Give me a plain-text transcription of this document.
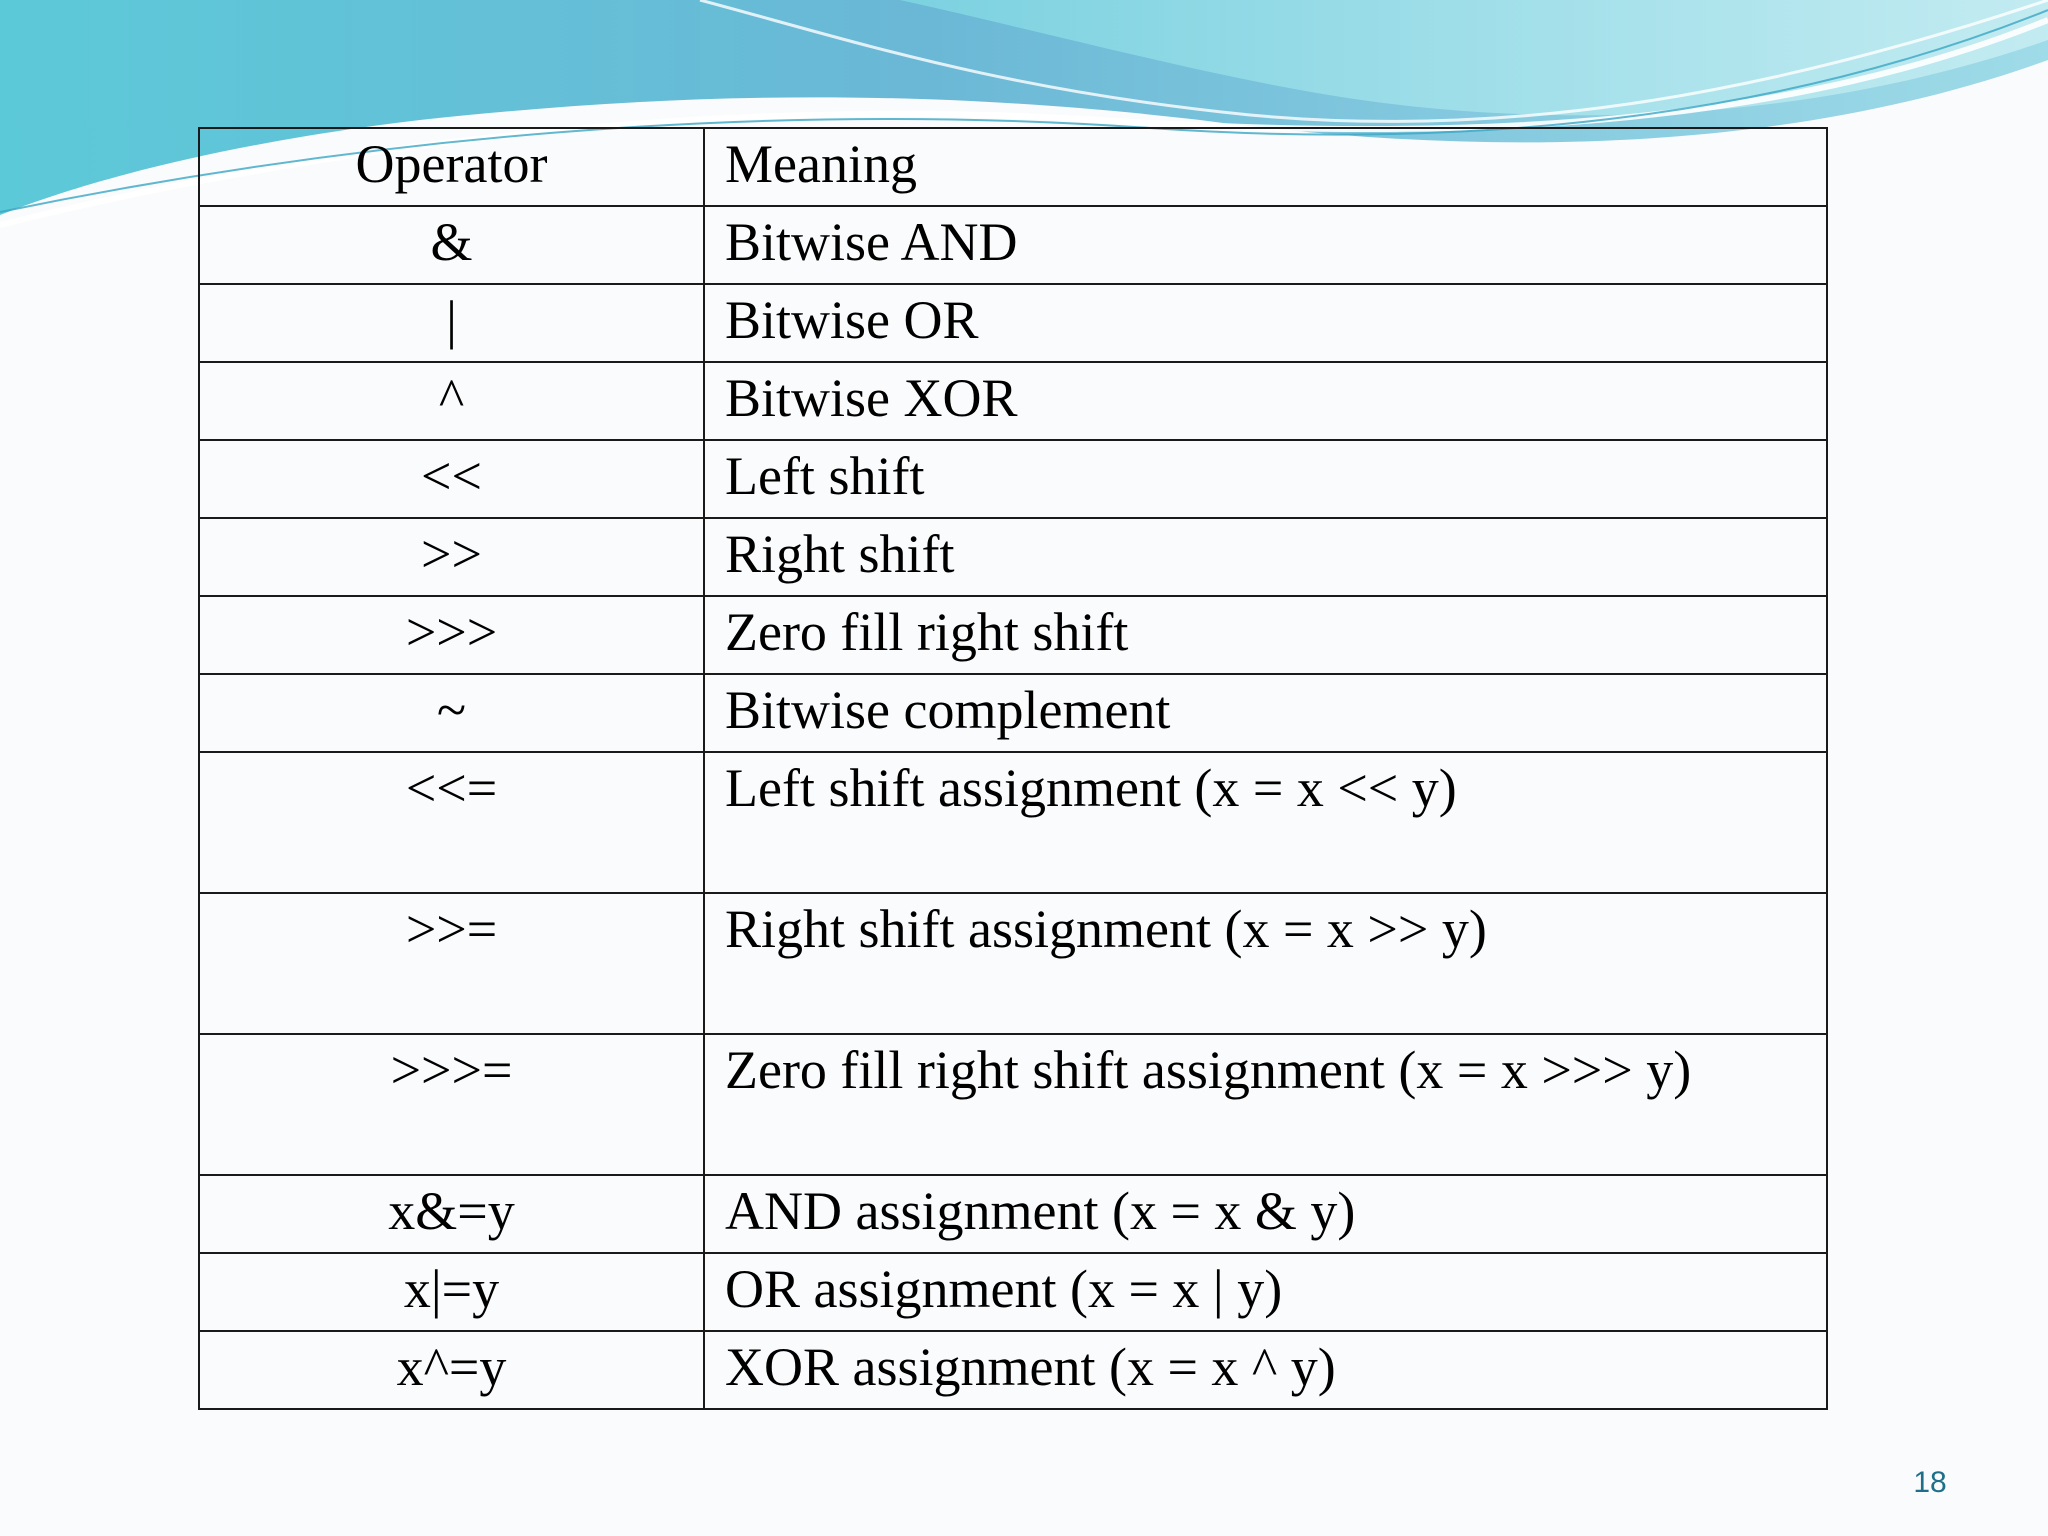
Operator	Meaning
&	Bitwise AND
|	Bitwise OR
^	Bitwise XOR
<<	Left shift
>>	Right shift
>>>	Zero fill right shift
~	Bitwise complement
<<=	Left shift assignment (x = x << y)
>>=	Right shift assignment (x = x >> y)
>>>=	Zero fill right shift assignment (x = x >>> y)
x&=y	AND assignment (x = x & y)
x|=y	OR assignment (x = x | y)
x^=y	XOR assignment (x = x ^ y)
18
